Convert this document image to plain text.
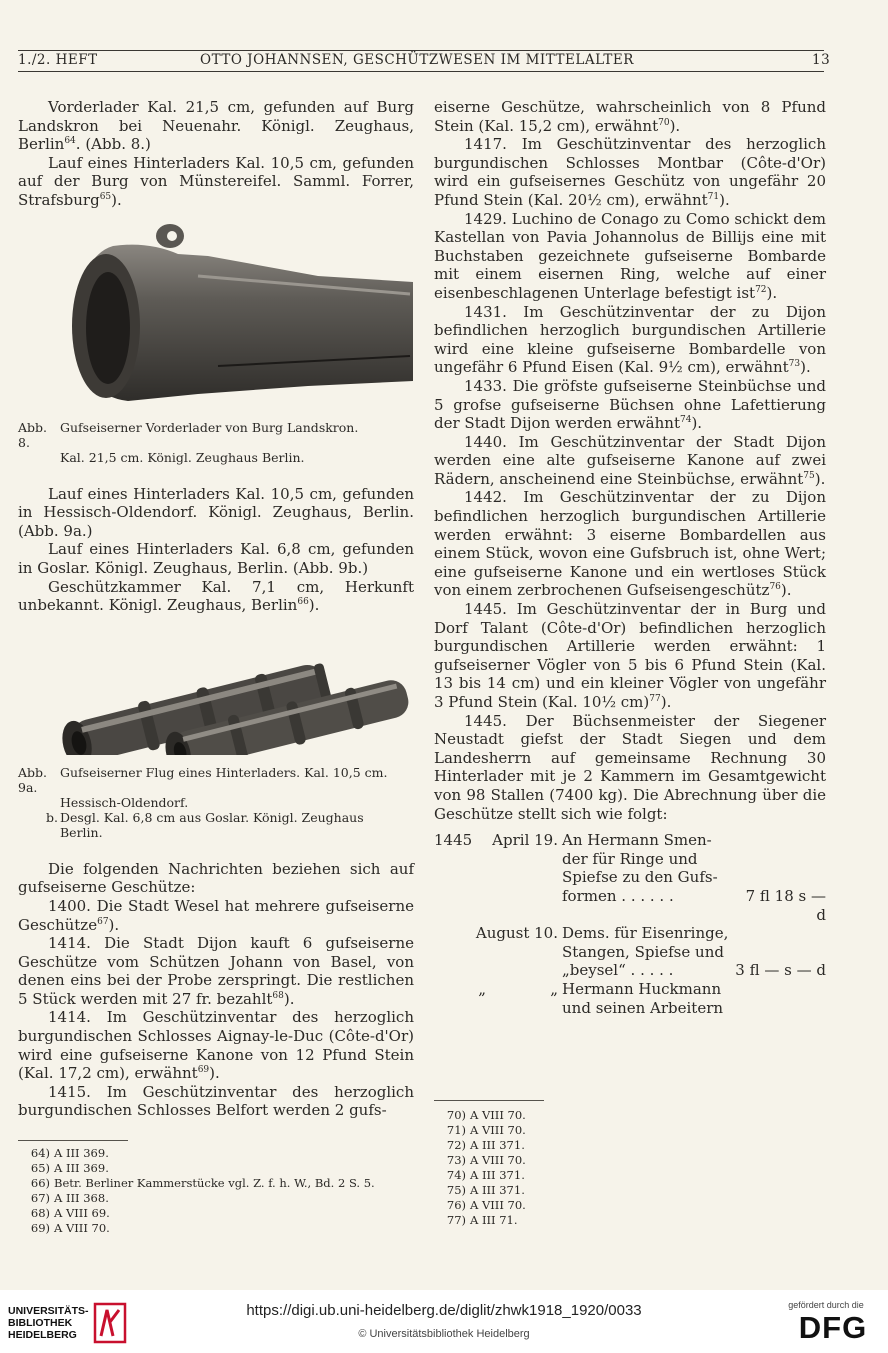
1./2. HEFT	OTTO JOHANNSEN, GESCHÜTZWESEN IM MITTELALTER	13

Vorderlader Kal. 21,5 cm, gefunden auf Burg Landskron bei Neuenahr. Königl. Zeughaus, Berlin$^{64}$. (Abb. 8.)

Lauf eines Hinterladers Kal. 10,5 cm, gefunden auf der Burg von Münstereifel. Samml. Forrer, Strafsburg$^{65}$).

Abb. 8.
Gufseiserner Vorderlader von Burg Landskron.
Kal. 21,5 cm. Königl. Zeughaus Berlin.

Lauf eines Hinterladers Kal. 10,5 cm, gefunden in Hessisch-Oldendorf. Königl. Zeughaus, Berlin. (Abb. 9a.)

Lauf eines Hinterladers Kal. 6,8 cm, gefunden in Goslar. Königl. Zeughaus, Berlin. (Abb. 9b.)

Geschützkammer Kal. 7,1 cm, Herkunft unbekannt. Königl. Zeughaus, Berlin$^{66}$).

Abb. 9a.
Gufseiserner Flug eines Hinterladers. Kal. 10,5 cm.
Hessisch-Oldendorf.
b. Desgl. Kal. 6,8 cm aus Goslar. Königl. Zeughaus
Berlin.

Die folgenden Nachrichten beziehen sich auf gufseiserne Geschütze:

1400. Die Stadt Wesel hat mehrere gufseiserne Geschütze$^{67}$).

1414. Die Stadt Dijon kauft 6 gufseiserne Geschütze vom Schützen Johann von Basel, von denen eins bei der Probe zerspringt. Die restlichen 5 Stück werden mit 27 fr. bezahlt$^{68}$).

1414. Im Geschützinventar des herzoglich burgundischen Schlosses Aignay-le-Duc (Côte-d'Or) wird eine gufseiserne Kanone von 12 Pfund Stein (Kal. 17,2 cm), erwähnt$^{69}$).

1415. Im Geschützinventar des herzoglich burgundischen Schlosses Belfort werden 2 gufs-

64) A III 369.
65) A III 369.
66) Betr. Berliner Kammerstücke vgl. Z. f. h. W., Bd. 2 S. 5.
67) A III 368.
68) A VIII 69.
69) A VIII 70.

eiserne Geschütze, wahrscheinlich von 8 Pfund Stein (Kal. 15,2 cm), erwähnt$^{70}$).

1417. Im Geschützinventar des herzoglich burgundischen Schlosses Montbar (Côte-d'Or) wird ein gufseisernes Geschütz von ungefähr 20 Pfund Stein (Kal. 20½ cm), erwähnt$^{71}$).

1429. Luchino de Conago zu Como schickt dem Kastellan von Pavia Johannolus de Billijs eine mit Buchstaben gezeichnete gufseiserne Bombarde mit einem eisernen Ring, welche auf einer eisenbeschlagenen Unterlage befestigt ist$^{72}$).

1431. Im Geschützinventar der zu Dijon befindlichen herzoglich burgundischen Artillerie wird eine kleine gufseiserne Bombardelle von ungefähr 6 Pfund Eisen (Kal. 9½ cm), erwähnt$^{73}$).

1433. Die gröfste gufseiserne Steinbüchse und 5 grofse gufseiserne Büchsen ohne Lafettierung der Stadt Dijon werden erwähnt$^{74}$).

1440. Im Geschützinventar der Stadt Dijon werden eine alte gufseiserne Kanone auf zwei Rädern, anscheinend eine Steinbüchse, erwähnt$^{75}$).

1442. Im Geschützinventar der zu Dijon befindlichen herzoglich burgundischen Artillerie werden erwähnt: 3 eiserne Bombardellen aus einem Stück, wovon eine Gufsbruch ist, ohne Wert; eine gufseiserne Kanone und ein wertloses Stück von einem zerbrochenen Gufseisengeschütz$^{76}$).

1445. Im Geschützinventar der in Burg und Dorf Talant (Côte-d'Or) befindlichen herzoglich burgundischen Artillerie werden erwähnt: 1 gufseiserner Vögler von 5 bis 6 Pfund Stein (Kal. 13 bis 14 cm) und ein kleiner Vögler von ungefähr 3 Pfund Stein (Kal. 10½ cm)$^{77}$).

1445. Der Büchsenmeister der Siegener Neustadt giefst der Stadt Siegen und dem Landesherrn auf gemeinsame Rechnung 30 Hinterlader mit je 2 Kammern im Gesamtgewicht von 98 Stallen (7400 kg). Die Abrechnung über die Geschütze stellt sich wie folgt:

1445	April 19. An Hermann Smen-
der für Ringe und
Spiefse zu den Gufs-
formen . . . . . .	7 fl 18 s — d
August 10. Dems. für Eisenringe,
Stangen, Spiefse und
„beysel“ . . . . .	3 fl — s — d
„	„ Hermann Huckmann
und seinen Arbeitern
70) A VIII 70.
71) A VIII 70.
72) A III 371.
73) A VIII 70.
74) A III 371.
75) A III 371.
76) A VIII 70.
77) A III 71.
UNIVERSITÄTS-
BIBLIOTHEK
HEIDELBERG
https://digi.ub.uni-heidelberg.de/diglit/zhwk1918_1920/0033
© Universitätsbibliothek Heidelberg
gefördert durch die
DFG
